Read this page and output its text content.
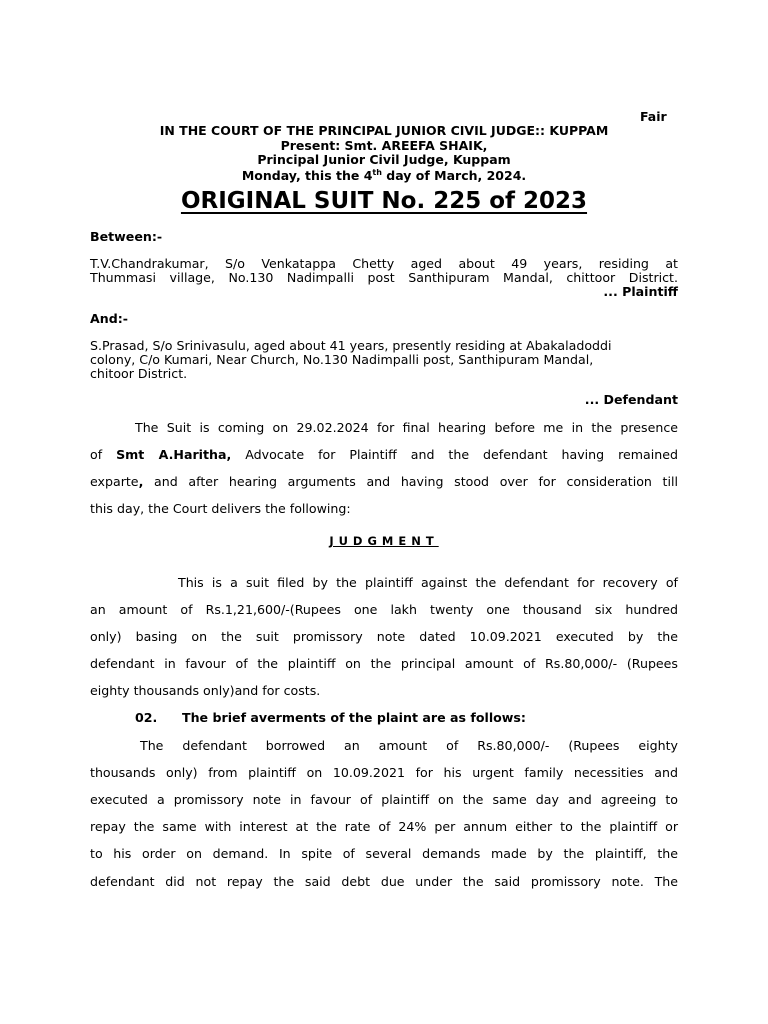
Fair
IN THE COURT OF THE PRINCIPAL JUNIOR CIVIL JUDGE:: KUPPAM
Present: Smt. AREEFA SHAIK,
Principal Junior Civil Judge, Kuppam
Monday, this the 4th day of March, 2024.
ORIGINAL SUIT No. 225 of 2023
Between:-
T.V.Chandrakumar, S/o Venkatappa Chetty aged about 49 years, residing at
Thummasi village, No.130 Nadimpalli post Santhipuram Mandal, chittoor District.
... Plaintiff
And:-
S.Prasad, S/o Srinivasulu, aged about 41 years, presently residing at Abakaladoddi
colony, C/o Kumari, Near Church, No.130 Nadimpalli post, Santhipuram Mandal,
chitoor District.
... Defendant
The Suit is coming on 29.02.2024 for final hearing before me in the presence
of Smt A.Haritha, Advocate for Plaintiff and the defendant having remained
exparte, and after hearing arguments and having stood over for consideration till
this day, the Court delivers the following:
JUDGMENT
This is a suit filed by the plaintiff against the defendant for recovery of
an amount of Rs.1,21,600/-(Rupees one lakh twenty one thousand six hundred
only) basing on the suit promissory note dated 10.09.2021 executed by the
defendant in favour of the plaintiff on the principal amount of Rs.80,000/- (Rupees
eighty thousands only)and for costs.
02. The brief averments of the plaint are as follows:
The defendant borrowed an amount of Rs.80,000/- (Rupees eighty
thousands only) from plaintiff on 10.09.2021 for his urgent family necessities and
executed a promissory note in favour of plaintiff on the same day and agreeing to
repay the same with interest at the rate of 24% per annum either to the plaintiff or
to his order on demand. In spite of several demands made by the plaintiff, the
defendant did not repay the said debt due under the said promissory note. The
